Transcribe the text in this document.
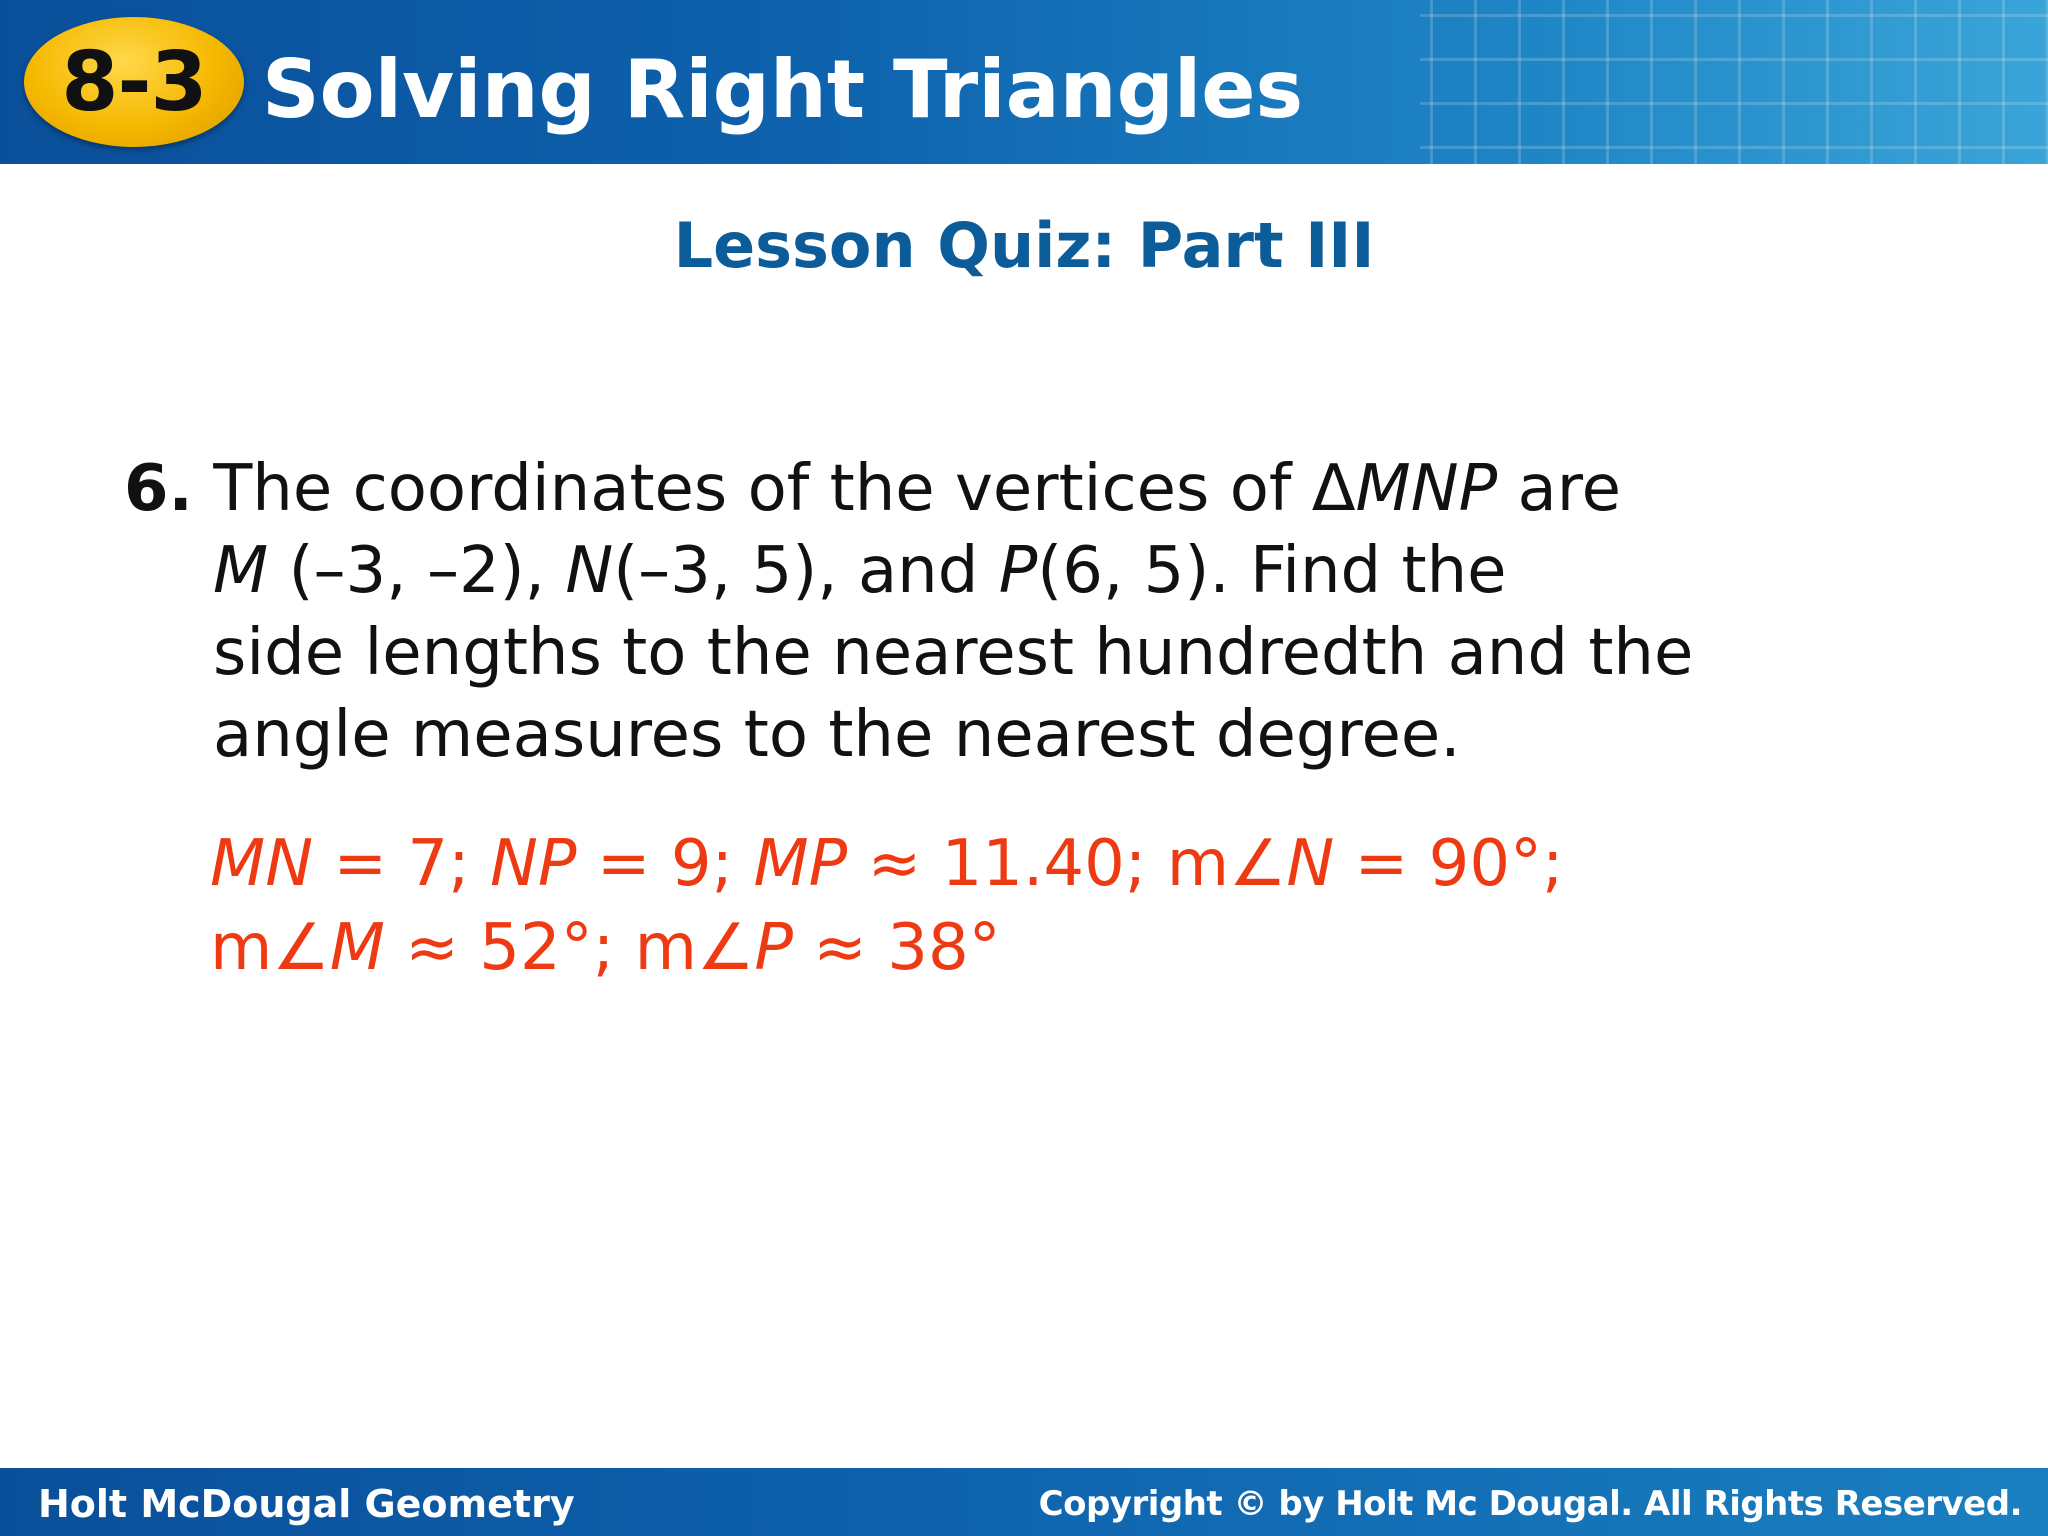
8-3 Solving Right Triangles
Lesson Quiz: Part III
6. The coordinates of the vertices of ΔMNP are
M (–3, –2), N(–3, 5), and P(6, 5). Find the
side lengths to the nearest hundredth and the
angle measures to the nearest degree.
MN = 7; NP = 9; MP ≈ 11.40; m∠N = 90°;
m∠M ≈ 52°; m∠P ≈ 38°
Holt McDougal Geometry	Copyright © by Holt Mc Dougal. All Rights Reserved.
